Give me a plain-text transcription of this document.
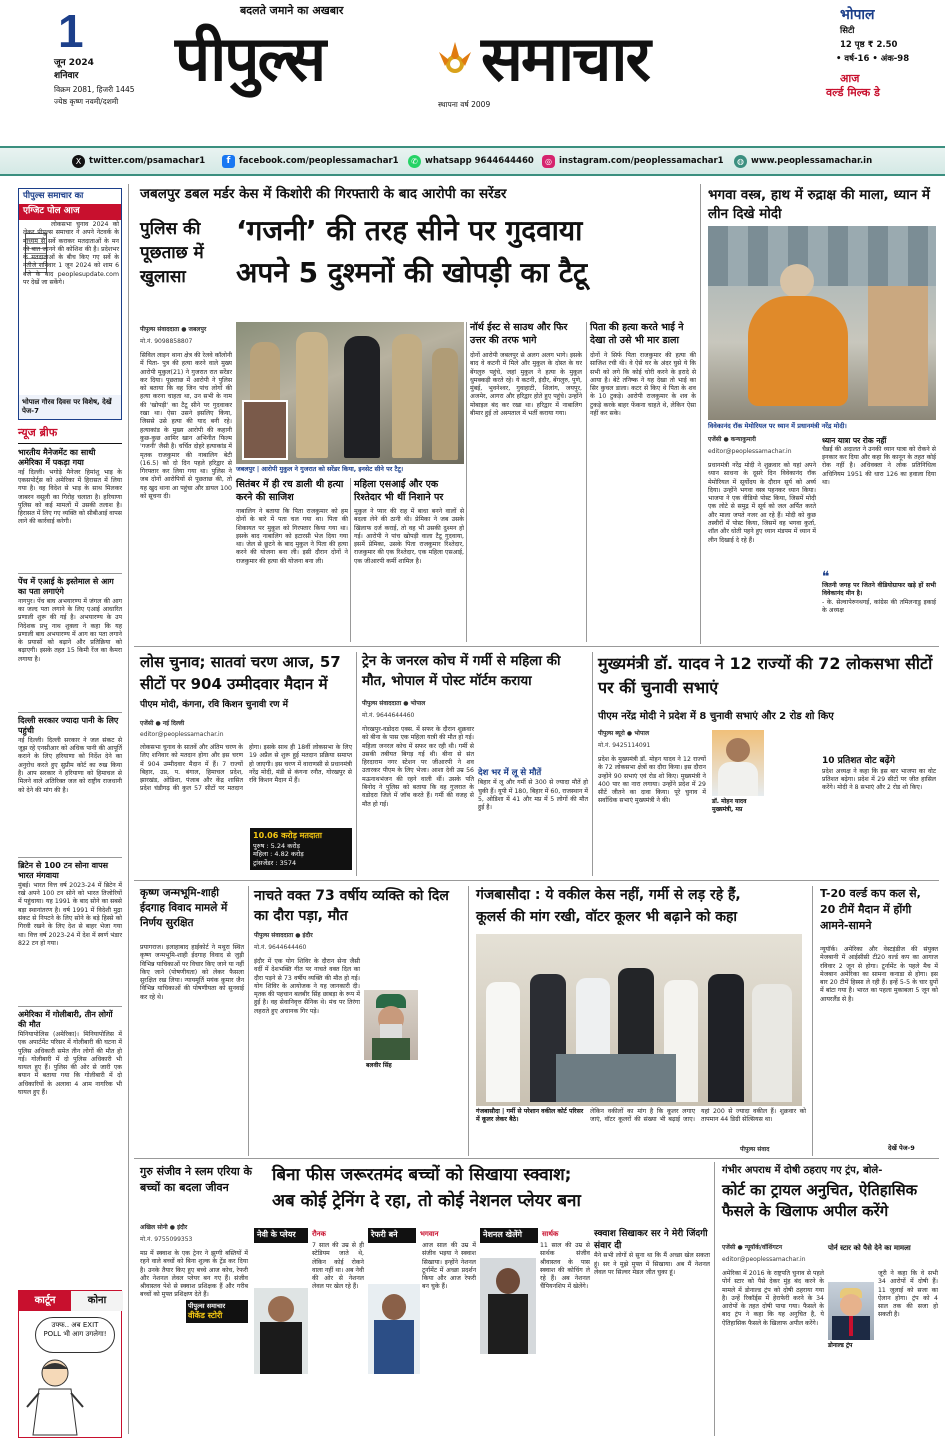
1
जून 2024
शनिवार
विक्रम 2081, हिजरी 1445
ज्येष्ठ कृष्ण नवमी/दशमी
बदलते जमाने का अखबार
पीपुल्स	समाचार
स्थापना वर्ष 2009
भोपाल
सिटी
12 पृष्ठ ₹ 2.50
• वर्ष-16 • अंक-98
आज
वर्ल्ड मिल्क डे
X twitter.com/psamachar1	f	facebook.com/peoplessamachar1	✆ whatsapp 9644644460	◎ instagram.com/peoplessamachar1	◍ www.peoplessamachar.in
पीपुल्स समाचार का
एग्जिट पोल आज
लोकसभा चुनाव 2024 को लेकर पीपुल्स समाचार ने अपने नेटवर्क के माध्यम से सर्वे कराकर मतदाताओं के मन की बात जानने की कोशिश की है। प्रदेशभर के मतदाताओं के बीच किए गए सर्वे के नतीजे शनिवार 1 जून 2024 को शाम 6 बजे के बाद peoplesupdate.com पर देखें जा सकेंगे।
भोपाल गौरव दिवस पर विशेष, देखें पेज-7
न्यूज ब्रीफ
भारतीय मैनेजमेंट का साथी अमेरिका में पकड़ा गया
नई दिल्ली। भगोड़े मैनेजर हिमांशु भाइ के एकसपोर्ट्स को अमेरिका में हिरासत में लिया गया है। वह विदेश से भाड़ के साथ मिलकर जाबरन वसूली का गिरोह चलाता है। हरियाणा पुलिस को कई मामलों में उसकी तलाश है। हिरासत में लिए गए व्यक्ति को सीबीआई वापस लाने की कार्रवाई करेगी।
पेंच में एआई के इस्तेमाल से आग का पता लगाएंगे
नागपुर। पेंच बाघ अभयारण्य में जंगल की आग का जल्द पता लगाने के लिए एआई आधारित प्रणाली शुरू की गई है। अभयारण्य के उप निदेशक प्रभु नाथ शुक्ला ने कहा कि यह प्रणाली बाघ अभयारण्य में आग का पता लगाने के प्रयासों को बढ़ाने और प्रतिक्रिया को बढ़ाएगी। इसके तहत 15 किमी रेंज का कैमरा लगाया है।
दिल्ली सरकार ज्यादा पानी के लिए पहुंची
नई दिल्ली। दिल्ली सरकार ने जल संकट से जूझ रहे एनसीआर को अधिक पानी की आपूर्ति कराने के लिए हरियाणा को निर्देश देने का अनुरोध करते हुए सुप्रीम कोर्ट का रुख किया है। आप सरकार ने हरियाणा को हिमाचल से मिलने वाले अतिरिक्त जल को राष्ट्रीय राजधानी को देने की मांग की है।
ब्रिटेन से 100 टन सोना वापस भारत मंगवाया
मुंबई। भारत वित्त वर्ष 2023-24 में ब्रिटेन में रखे अपने 100 टन सोने को भारत तिजोरियों में पहुंचाया। यह 1991 के बाद सोने का सबसे बड़ा स्थानांतरण है। वर्ष 1991 में विदेशी मुद्रा संकट से निपटने के लिए सोने के बड़े हिस्से को गिरवी रखने के लिए देश से बाहर भेजा गया था। वित्त वर्ष 2023-24 में देश में स्वर्ण भंडार 822 टन हो गया।
अमेरिका में गोलीबारी, तीन लोगों की मौत
मिनियापोलिस (अमेरिका)। मिनियापोलिस में एक अपार्टमेंट परिसर में गोलीबारी की घटना में पुलिस अधिकारी समेत तीन लोगों की मौत हो गई। गोलीबारी में दो पुलिस अधिकारी भी घायल हुए हैं। पुलिस की ओर से जारी एक बयान में बताया गया कि गोलीबारी में दो अधिकारियों के अलावा 4 आम नागरिक भी घायल हुए हैं।
जबलपुर डबल मर्डर केस में किशोरी की गिरफ्तारी के बाद आरोपी का सरेंडर
पुलिस की पूछताछ में खुलासा
‘गजनी’ की तरह सीने पर गुदवाया
अपने 5 दुश्मनों की खोपड़ी का टैटू
पीपुल्स संवाददाता ● जबलपुर
मो.नं. 9098858807
सिविल लाइन थाना क्षेत्र की रेलवे कॉलोनी में पिता- पुत्र की हत्या करने वाले मुख्य आरोपी मुकुल(21) ने गुजरात रात सरेंडर कर दिया। पूछताछ में आरोपी ने पुलिस को बताया कि वह जिन पांच लोगों की हत्या करना चाहता था, उन सभी के नाम की 'खोपड़ी' का टैटू सीने पर गुदवाकर रखा था। ऐसा उसने इसलिए किया, जिससे उसे हत्या की याद बनी रहे। हत्याकांड के मुख्य आरोपी की कहानी कुछ-कुछ आमिर खान अभिनीत फिल्म 'गजनी' जैसी है। चर्चित दोहरे हत्याकांड में मृतक राजकुमार की नाबालिग बेटी (16.5) को दो दिन पहले हरिद्वार से गिरफ्तार कर लिया गया था। पुलिस ने जब दोनों आरोपियों से पूछताछ की, तो यह खुद थाना आ पहुंचा और डायल 100 को सूचना दी।
जबलपुर | आरोपी मुकुल ने गुजरात को सरेंडर किया, इनसेट सीने पर टैटू।
नॉर्थ ईस्ट से साउथ और फिर उत्तर की तरफ भागे
दोनों आरोपी जबलपुर से अलग अलग भागे। इसके बाद वे कटनी में मिले और मुकुल के दोस्त के घर बेंगलुरु पहुंचे, जहां मुकुल ने हत्या के मुकुल धुमक्कड़ी करते रहे। ये कटनी, इंदौर, बेंगलुरु, पुणे, मुंबई, भुवनेश्वर, गुवाहाटी, शिलांग, जयपुर, अजमेर, आगरा और हरिद्वार होते हुए पहुंचे। उन्होंने मोबाइल बंद कर रखा था। हरिद्वार में नाबालिग बीमार हुई तो अस्पताल में भर्ती कराया गया।
पिता की हत्या करते भाई ने देखा तो उसे भी मार डाला
दोनों ने सिर्फ पिता राजकुमार की हत्या की साजिश रची थी। वे ऐसे घर के अंदर घुसे ये कि सभी को लगे कि कोई चोरी करने के इरादे से आया है। बेटे तनिष्क ने यह देखा तो भाई का सिर कुचल डाला। कटर से किए थे पिता के शव के 10 टुकड़े। आरोपी राजकुमार के शव के टुकड़े करके बाहर फेंकना चाहते थे, लेकिन ऐसा नहीं कर सके।
सितंबर में ही रच डाली थी हत्या करने की साजिश
नाबालिग ने बताया कि पिता राजकुमार को हम दोनों के बारे में पता चल गया था। पिता की शिकायत पर मुकुल को गिरफ्तार किया गया था। इसके बाद नाबालिग को इटारसी भेज दिया गया था। जेल से छूटने के बाद मुकुल ने पिता की हत्या करने की योजना बना ली। इसी दौरान दोनों ने राजकुमार की हत्या की योजना बना ली।
महिला एसआई और एक रिश्तेदार भी थीं निशाने पर
मुकुल ने प्यार की राह में बाधा बनने वालों से बदला लेने की ठानी थी। प्रेमिका ने जब उसके खिलाफ दर्ज कराई, तो वह भी उसकी दुश्मन हो गई। आरोपी ने पांच खोपड़ी वाला टैटू गुदवाया, इसमें प्रेमिका, उसके पिता राजकुमार रिश्तेदार, राजकुमार की एक रिश्तेदार, एक महिला एसआई, एक जीआरपी कर्मी शामिल है।
भगवा वस्त्र, हाथ में रुद्राक्ष की माला, ध्यान में लीन दिखे मोदी
विवेकानंद रॉक मेमोरियल पर ध्यान में प्रधानमंत्री नरेंद्र मोदी।
एजेंसी ● कन्याकुमारी
editor@peoplessamachar.in
प्रधानमंत्री नरेंद्र मोदी ने शुक्रवार को यहां अपने ध्यान साधना के दूसरे दिन विवेकानंद रॉक मेमोरियल में सूर्योदय के दौरान सूर्य को अर्घ्य दिया। उन्होंने भगवा वस्त्र पहनकर ध्यान किया। भाजपा ने एक वीडियो पोस्ट किया, जिसमें मोदी एक लोटे से समुद्र में सूर्य को जल अर्पित करते और माला जपते नजर आ रहे हैं। मोदी को कुछ तस्वीरों में पोस्ट किया, जिसमें वह भगवा कुर्ता, शॉल और धोती पहने हुए ध्यान मंडपम में ध्यान में लीन दिखाई दे रहे हैं।
ध्यान यात्रा पर रोक नहीं
चैन्नई की अदालत ने उनकी ध्यान यात्रा को रोकने से इनकार कर दिया और कहा कि कानून के तहत कोई रोक नहीं है। अधिवक्ता ने लोक प्रतिनिधित्व अधिनियम 1951 की धारा 126 का हवाला दिया था।
❝
जितनी जगह पर जितने वीडियोग्राफर खड़े हों सभी विवेकानंद मीन है।
- के. सेल्वापेरुनथगई, कांग्रेस की तमिलनाडु इकाई के अध्यक्ष
लोस चुनाव; सातवां चरण आज, 57 सीटों पर 904 उम्मीदवार मैदान में
पीएम मोदी, कंगना, रवि किशन चुनावी रण में
एजेंसी ● नई दिल्ली
editor@peoplessamachar.in
लोकसभा चुनाव के सातवें और अंतिम चरण के लिए शनिवार को मतदान होगा और इस चरण में 904 उम्मीदवार मैदान में हैं। 7 राज्यों बिहार, उप्र, प. बंगाल, हिमाचल प्रदेश, झारखंड, ओडिशा, पंजाब और केंद्र शासित प्रदेश चंडीगढ़ की कुल 57 सीटों पर मतदान होगा। इसके साथ ही 18वीं लोकसभा के लिए 19 अप्रैल से शुरू हुई मतदान प्रक्रिया समाप्त हो जाएगी। इस चरण में वाराणसी से प्रधानमंत्री नरेंद्र मोदी, मंडी से कंगना रनौत, गोरखपुर से रवि किशन मैदान में हैं।
10.06 करोड़ मतदाता
पुरुष : 5.24 करोड़
महिला : 4.82 करोड़
ट्रांसजेंडर : 3574
ट्रेन के जनरल कोच में गर्मी से महिला की मौत, भोपाल में पोस्ट मॉर्टम कराया
पीपुल्स संवाददाता ● भोपाल
मो.नं. 9644644460
गोरखपुर-वडोदरा एक्स. में सफर के दौरान शुक्रवार को बीना के पास एक महिला यात्री की मौत हो गई। महिला जनरल कोच में सफर कर रही थी। गर्मी से उसकी तबीयत बिगड़ गई थी। बीना से संत हिरदाराम नगर स्टेशन पर जीआरपी ने शव उतारकर पीएम के लिए भेजा। आशा देवी उम्र 56 मऊनाथभंजन की रहने वाली थीं। उसके पति बिनोद ने पुलिस को बताया कि वह गुजरात के वडोदरा जिले में जॉब करते हैं। गर्मी की वजह से मौत हो गई।
देश भर में लू से मौतें
बिहार में लू और गर्मी से 300 से ज्यादा मौतें हो चुकी हैं। यूपी में 180, बिहार में 60, राजस्थान में 5, ओडिशा में 41 और मप्र में 5 लोगों की मौत हुई है।
मुख्यमंत्री डॉ. यादव ने 12 राज्यों की 72 लोकसभा सीटों पर कीं चुनावी सभाएं
पीएम नरेंद्र मोदी ने प्रदेश में 8 चुनावी सभाएं और 2 रोड शो किए
पीपुल्स ब्यूरो ● भोपाल
मो.नं. 9425114091
प्रदेश के मुख्यमंत्री डॉ. मोहन यादव ने 12 राज्यों के 72 लोकसभा क्षेत्रों का दौरा किया। इस दौरान उन्होंने 90 सभाएं एवं रोड शो किए। मुख्यमंत्री ने 400 पार का नारा लगाया। उन्होंने प्रदेश में 29 सीटें जीतने का दावा किया। पूरे चुनाव में सर्वाधिक सभाएं मुख्यमंत्री ने की।	डॉ. मोहन यादव मुख्यमंत्री, मप्र
10 प्रतिशत वोट बढ़ेंगे
प्रदेश अध्यक्ष ने कहा कि इस बार भाजपा का वोट प्रतिशत बढ़ेगा। प्रदेश में 29 सीटों पर जीत हासिल करेंगे। मोदी ने 8 सभाएं और 2 रोड शो किए।
कृष्ण जन्मभूमि-शाही ईदगाह विवाद मामले में निर्णय सुरक्षित
प्रयागराज। इलाहाबाद हाईकोर्ट ने मथुरा स्थित कृष्ण जन्मभूमि-शाही ईदगाह विवाद से जुड़ी विभिन्न याचिकाओं पर विचार किए जाने या नहीं किए जाने (पोषणीयता) को लेकर फैसला सुरक्षित रख लिया। न्यायमूर्ति मयंक कुमार जैन विभिन्न याचिकाओं की पोषणीयता को सुनवाई कर रहे थे।
नाचते वक्त 73 वर्षीय व्यक्ति को दिल का दौरा पड़ा, मौत
पीपुल्स संवाददाता ● इंदौर
मो.नं. 9644644460
इंदौर में एक योग शिविर के दौरान सेना जैसी वर्दी में देशभक्ति गीत पर नाचते वक्त दिल का दौरा पड़ने से 73 वर्षीय व्यक्ति की मौत हो गई। योग शिविर के आयोजक ने यह जानकारी दी। मृतक की पहचान बलबीर सिंह छाबड़ा के रूप में हुई है। वह सेवानिवृत्त सैनिक थे। मंच पर तिरंगा लहराते हुए अचानक गिर पड़े।
बलवीर सिंह
गंजबासौदा : ये वकील केस नहीं, गर्मी से लड़ रहे हैं,
कूलर्स की मांग रखी, वॉटर कूलर भी बढ़ाने को कहा
गंजबासौदा | गर्मी से परेशान वकील कोर्ट परिसर में कूलर लेकर बैठे।
लेकिन वकीलों का मांग है कि कूलर लगाए जाएं, वॉटर कूलरों की संख्या भी बढ़ाई जाए। यहां 200 से ज्यादा वकील हैं। शुक्रवार को तापमान 44 डिग्री सेल्सियस था।
पीपुल्स संवाद
T-20 वर्ल्ड कप कल से, 20 टीमें मैदान में होंगी आमने-सामने
न्यूयॉर्क। अमेरिका और वेस्टइंडीज की संयुक्त मेजबानी में आईसीसी टी20 वर्ल्ड कप का आगाज रविवार 2 जून से होगा। टूर्नामेंट के पहले मैच में मेजबान अमेरिका का सामना कनाडा से होगा। इस बार 20 टीमें हिस्सा ले रही हैं। इन्हें 5-5 के चार ग्रुपों में बांटा गया है। भारत का पहला मुकाबला 5 जून को आयरलैंड से है।
देखें पेज-9
गुरु संजीव ने स्लम एरिया के बच्चों का बदला जीवन
बिना फीस जरूरतमंद बच्चों को सिखाया स्क्वाश;
अब कोई ट्रेनिंग दे रहा, तो कोई नेशनल प्लेयर बना
अखिल सोनी ● इंदौर
मो.नं. 9755099353
मप्र में स्क्वाश के एक ट्रेनर ने झुग्गी बस्तियों में रहने वाले बच्चों को बिना शुल्क के ट्रेंड कर दिया है। उनके तैयार किए हुए बच्चे आज कोच, रेफरी और नेशनल लेवल प्लेयर बन गए हैं। संजीव श्रीवास्तव पेशे से स्क्वाश प्रशिक्षक हैं और गरीब बच्चों को मुफ्त प्रशिक्षण देते हैं।
पीपुल्स समाचार
वीकेंड स्टोरी
नेवी के प्लेयर	रौनक
7 साल की उम्र से ही स्टेडियम जाते थे, लेकिन कोई रोकने वाला नहीं था। अब नेवी की ओर से नेशनल लेवल पर खेल रहे हैं।
रेफरी बने	भगवान
आज साल की उम्र में संजीव भइया ने स्क्वाश सिखाया। इन्होंने नेशनल टूर्नामेंट में अच्छा प्रदर्शन किया और आज रेफरी बन चुके हैं।
नेशनल खेलेंगे	सार्थक
11 साल की उम्र से सार्थक संजीव श्रीवास्तव के पास स्क्वाश की कोचिंग ले रहे हैं। अब नेशनल चैंपियनशिप में खेलेंगे।
स्क्वाश सिखाकर सर ने मेरी जिंदगी संवार दी
मैने सभी लोगों से सुना था कि मैं अच्छा खेल सकता हूं। सर ने मुझे मुफ्त में सिखाया। अब मैं नेशनल लेवल पर सिल्वर मेडल जीत चुका हूं।
कार्टून	कोना
उफ्फ.. अब EXIT POLL भी आग उगलेगा!
गंभीर अपराध में दोषी ठहराए गए ट्रंप, बोले-
कोर्ट का ट्रायल अनुचित, ऐतिहासिक फैसले के खिलाफ अपील करेंगे
एजेंसी ● न्यूयॉर्क/वॉशिंगटन
editor@peoplessamachar.in
अमेरिका में 2016 के राष्ट्रपति चुनाव से पहले पोर्न स्टार को पैसे देकर मुंह बंद करने के मामले में डोनाल्ड ट्रंप को दोषी ठहराया गया है। उन्हें रिकॉर्ड्स में हेराफेरी करने के 34 आरोपों के तहत दोषी पाया गया। फैसले के बाद ट्रंप ने कहा कि यह अनुचित है, ये ऐतिहासिक फैसले के खिलाफ अपील करेंगे।
पोर्न स्टार को पैसे देने का मामला
डोनाल्ड ट्रंप
जूरी ने कहा कि वे सभी 34 आरोपों में दोषी हैं। 11 जुलाई को सजा का ऐलान होगा। ट्रंप को 4 साल तक की सजा हो सकती है।
